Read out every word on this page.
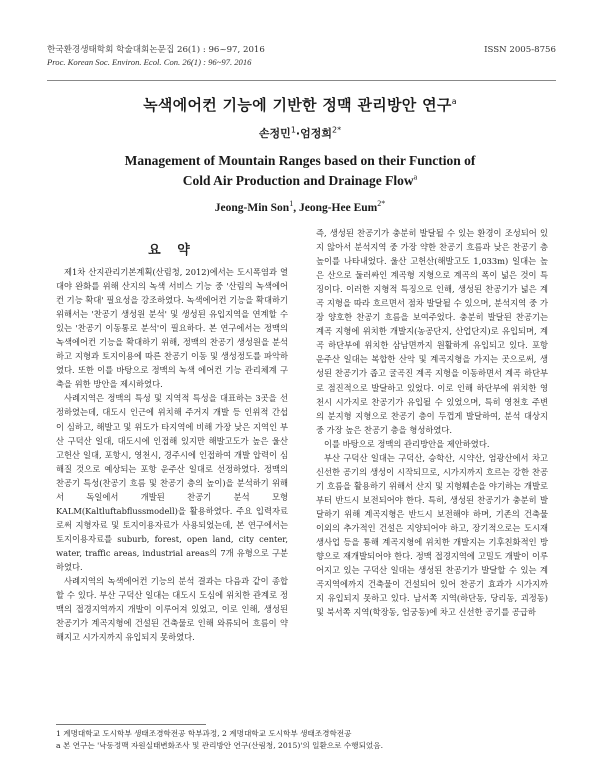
한국환경생태학회 학술대회논문집 26(1) : 96~97, 2016	ISSN 2005-8756
Proc. Korean Soc. Environ. Ecol. Con. 26(1) : 96~97. 2016
녹색에어컨 기능에 기반한 정맥 관리방안 연구$^a$
손정민$^1$·엄정희$^{2*}$
Management of Mountain Ranges based on their Function of
Cold Air Production and Drainage Flow$^a$
Jeong-Min Son$^1$, Jeong-Hee Eum$^{2*}$
요 약

제1차 산지관리기본계획(산림청, 2012)에서는 도시폭염과 열대야 완화를 위해 산지의 녹색 서비스 기능 중 '산림의 녹색에어컨 기능 확대' 필요성을 강조하였다. 녹색에어컨 기능을 확대하기 위해서는 '찬공기 생성원 분석' 및 생성된 유입지역을 연계할 수 있는 '찬공기 이동통로 분석'이 필요하다. 본 연구에서는 정맥의 녹색에어컨 기능을 확대하기 위해, 정맥의 찬공기 생성원을 분석하고 지형과 토지이용에 따른 찬공기 이동 및 생성정도를 파악하였다. 또한 이를 바탕으로 정맥의 녹색 에어컨 기능 관리체계 구축을 위한 방안을 제시하였다.

사례지역은 정맥의 특성 및 지역적 특성을 대표하는 3곳을 선정하였는데, 대도시 인근에 위치해 주거지 개발 등 인위적 간섭이 심하고, 해발고 및 위도가 타지역에 비해 가장 낮은 지역인 부산 구덕산 일대, 대도시에 인접해 있지만 해발고도가 높은 울산 고헌산 일대, 포항시, 영천시, 경주시에 인접하여 개발 압력이 심해질 것으로 예상되는 포항 운주산 일대로 선정하였다. 정맥의 찬공기 특성(찬공기 흐름 및 찬공기 층의 높이)을 분석하기 위해서 독일에서 개발된 찬공기 분석 모형 KALM(Kaltluftabflussmodell)을 활용하였다. 주요 입력자료로써 지형자료 및 토지이용자료가 사용되었는데, 본 연구에서는 토지이용자료를 suburb, forest, open land, city center, water, traffic areas, industrial areas의 7개 유형으로 구분하였다.

사례지역의 녹색에어컨 기능의 분석 결과는 다음과 같이 종합할 수 있다. 부산 구덕산 일대는 대도시 도심에 위치한 관계로 정맥의 접경지역까지 개발이 이루어져 있었고, 이로 인해, 생성된 찬공기가 계곡지형에 건설된 건축물로 인해 와류되어 흐름이 약해지고 시가지까지 유입되지 못하였다.

즉, 생성된 찬공기가 충분히 발달될 수 있는 환경이 조성되어 있지 않아서 분석지역 중 가장 약한 찬공기 흐름과 낮은 찬공기 층 높이를 나타내었다. 울산 고헌산(해발고도 1,033m) 일대는 높은 산으로 둘러싸인 계곡형 지형으로 계곡의 폭이 넓은 것이 특징이다. 이러한 지형적 특징으로 인해, 생성된 찬공기가 넓은 계곡 지형을 따라 흐르면서 점차 발달될 수 있으며, 분석지역 중 가장 양호한 찬공기 흐름을 보여주었다. 충분히 발달된 찬공기는 계곡 지형에 위치한 개발지(농공단지, 산업단지)로 유입되며, 계곡 하단부에 위치한 삼남면까지 원활하게 유입되고 있다. 포항 운주산 일대는 복합한 산악 및 계곡지형을 가지는 곳으로써, 생성된 찬공기가 좁고 굴곡진 계곡 지형을 이동하면서 계곡 하단부로 점진적으로 발달하고 있었다. 이로 인해 하단부에 위치한 영천시 시가지로 찬공기가 유입될 수 있었으며, 특히 영천호 주변의 분지형 지형으로 찬공기 층이 두껍게 발달하여, 분석 대상지 중 가장 높은 찬공기 층을 형성하였다.

이를 바탕으로 정맥의 관리방안을 제안하였다.

부산 구덕산 일대는 구덕산, 승학산, 시약산, 엄광산에서 차고 신선한 공기의 생성이 시작되므로, 시가지까지 흐르는 강한 찬공기 흐름을 활용하기 위해서 산지 및 지형훼손을 야기하는 개발로부터 반드시 보전되어야 한다. 특히, 생성된 찬공기가 충분히 발달하기 위해 계곡지형은 반드시 보전해야 하며, 기존의 건축물 이외의 추가적인 건설은 지양되어야 하고, 장기적으로는 도시재생사업 등을 통해 계곡지형에 위치한 개발지는 기후친화적인 방향으로 재개발되어야 한다. 정맥 접경지역에 고밀도 개발이 이루어지고 있는 구덕산 일대는 생성된 찬공기가 발달할 수 있는 계곡지역에까지 건축물이 건설되어 있어 찬공기 효과가 시가지까지 유입되지 못하고 있다. 남서쪽 지역(하단동, 당리동, 괴정동) 및 북서쪽 지역(학장동, 엄궁동)에 차고 신선한 공기를 공급하

1 계명대학교 도시학부 생태조경학전공 학부과정, 2 계명대학교 도시학부 생태조경학전공
a 본 연구는 '낙동정맥 자원실태변화조사 및 관리방안 연구(산림청, 2015)'의 일환으로 수행되었음.
